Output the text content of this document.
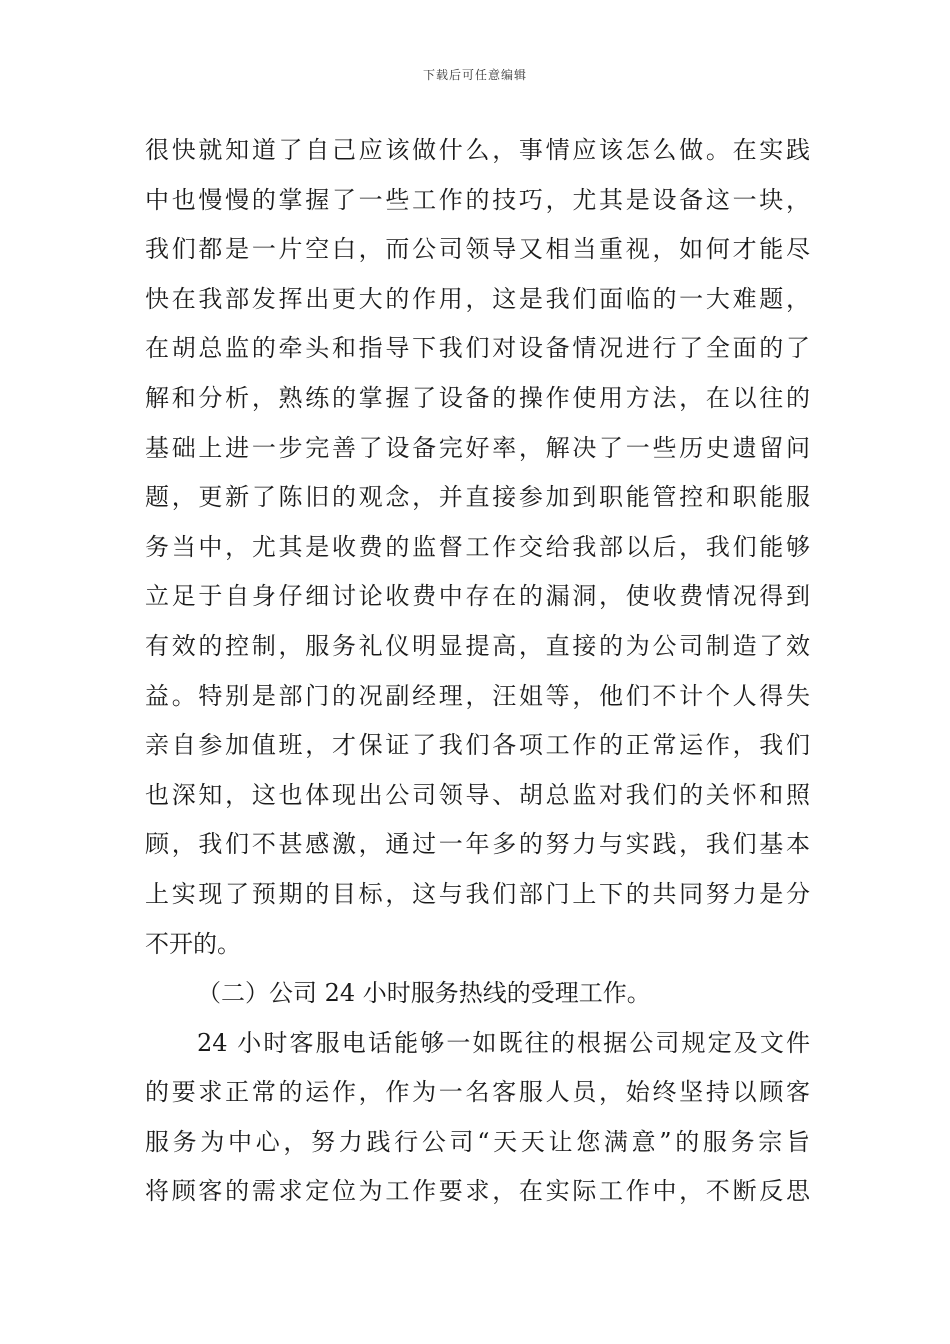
下载后可任意编辑
很快就知道了自己应该做什么，事情应该怎么做。在实践
中也慢慢的掌握了一些工作的技巧，尤其是设备这一块，
我们都是一片空白，而公司领导又相当重视，如何才能尽
快在我部发挥出更大的作用，这是我们面临的一大难题，
在胡总监的牵头和指导下我们对设备情况进行了全面的了
解和分析，熟练的掌握了设备的操作使用方法，在以往的
基础上进一步完善了设备完好率，解决了一些历史遗留问
题，更新了陈旧的观念，并直接参加到职能管控和职能服
务当中，尤其是收费的监督工作交给我部以后，我们能够
立足于自身仔细讨论收费中存在的漏洞，使收费情况得到
有效的控制，服务礼仪明显提高，直接的为公司制造了效
益。特别是部门的况副经理，汪姐等，他们不计个人得失
亲自参加值班，才保证了我们各项工作的正常运作，我们
也深知，这也体现出公司领导、胡总监对我们的关怀和照
顾，我们不甚感激，通过一年多的努力与实践，我们基本
上实现了预期的目标，这与我们部门上下的共同努力是分
不开的。
（二）公司 24 小时服务热线的受理工作。
24 小时客服电话能够一如既往的根据公司规定及文件
的要求正常的运作，作为一名客服人员，始终坚持以顾客
服务为中心，努力践行公司“天天让您满意”的服务宗旨
将顾客的需求定位为工作要求，在实际工作中，不断反思
